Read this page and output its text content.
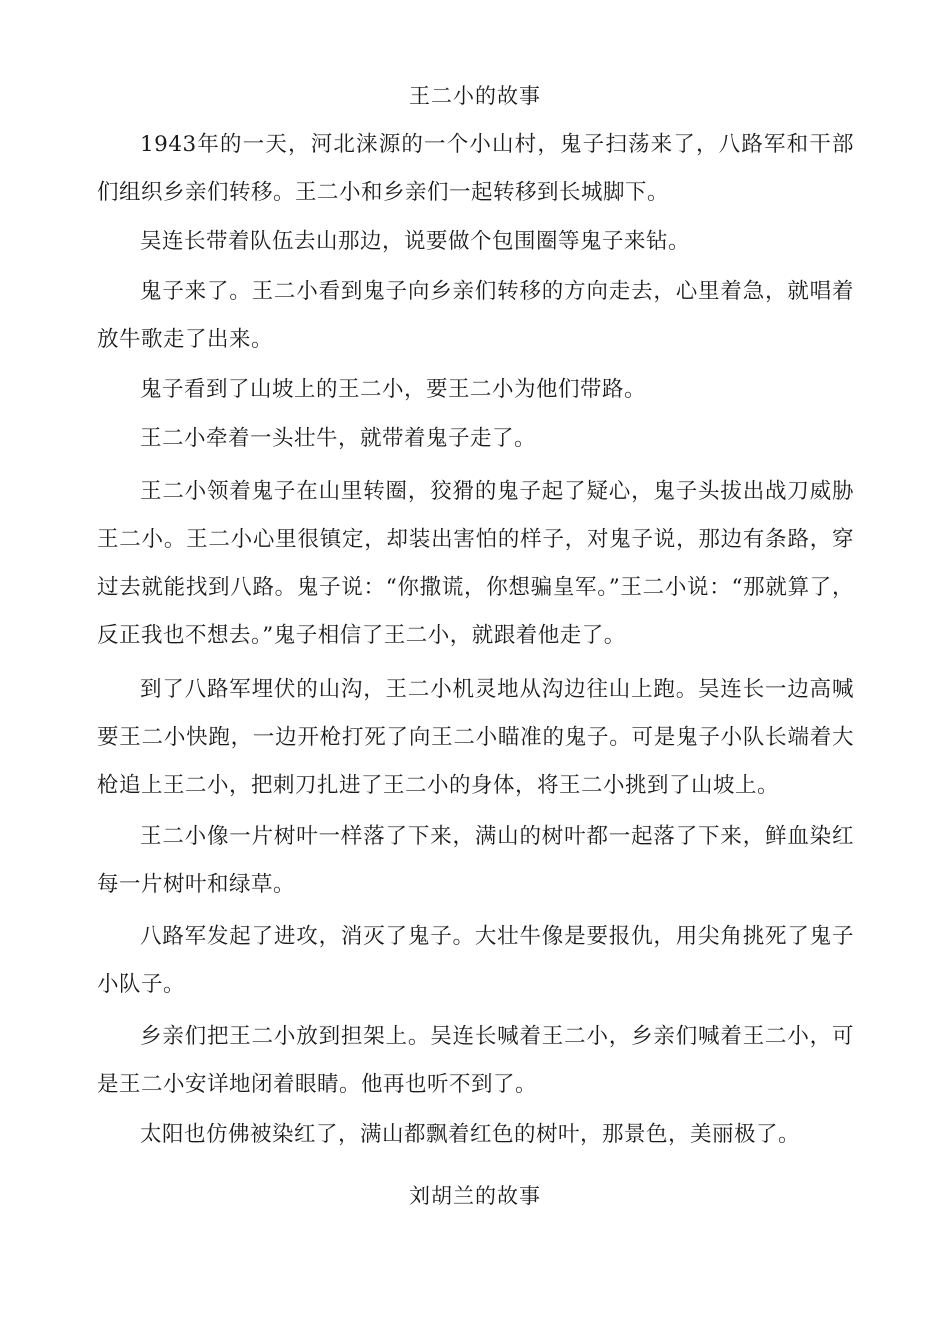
王二小的故事

1943年的一天，河北涞源的一个小山村，鬼子扫荡来了，八路军和干部们组织乡亲们转移。王二小和乡亲们一起转移到长城脚下。

吴连长带着队伍去山那边，说要做个包围圈等鬼子来钻。

鬼子来了。王二小看到鬼子向乡亲们转移的方向走去，心里着急，就唱着放牛歌走了出来。

鬼子看到了山坡上的王二小，要王二小为他们带路。

王二小牵着一头壮牛，就带着鬼子走了。

王二小领着鬼子在山里转圈，狡猾的鬼子起了疑心，鬼子头拔出战刀威胁王二小。王二小心里很镇定，却装出害怕的样子，对鬼子说，那边有条路，穿过去就能找到八路。鬼子说：“你撒谎，你想骗皇军。”王二小说：“那就算了，反正我也不想去。”鬼子相信了王二小，就跟着他走了。

到了八路军埋伏的山沟，王二小机灵地从沟边往山上跑。吴连长一边高喊要王二小快跑，一边开枪打死了向王二小瞄准的鬼子。可是鬼子小队长端着大枪追上王二小，把刺刀扎进了王二小的身体，将王二小挑到了山坡上。

王二小像一片树叶一样落了下来，满山的树叶都一起落了下来，鲜血染红每一片树叶和绿草。

八路军发起了进攻，消灭了鬼子。大壮牛像是要报仇，用尖角挑死了鬼子小队子。

乡亲们把王二小放到担架上。吴连长喊着王二小，乡亲们喊着王二小，可是王二小安详地闭着眼睛。他再也听不到了。

太阳也仿佛被染红了，满山都飘着红色的树叶，那景色，美丽极了。

刘胡兰的故事
